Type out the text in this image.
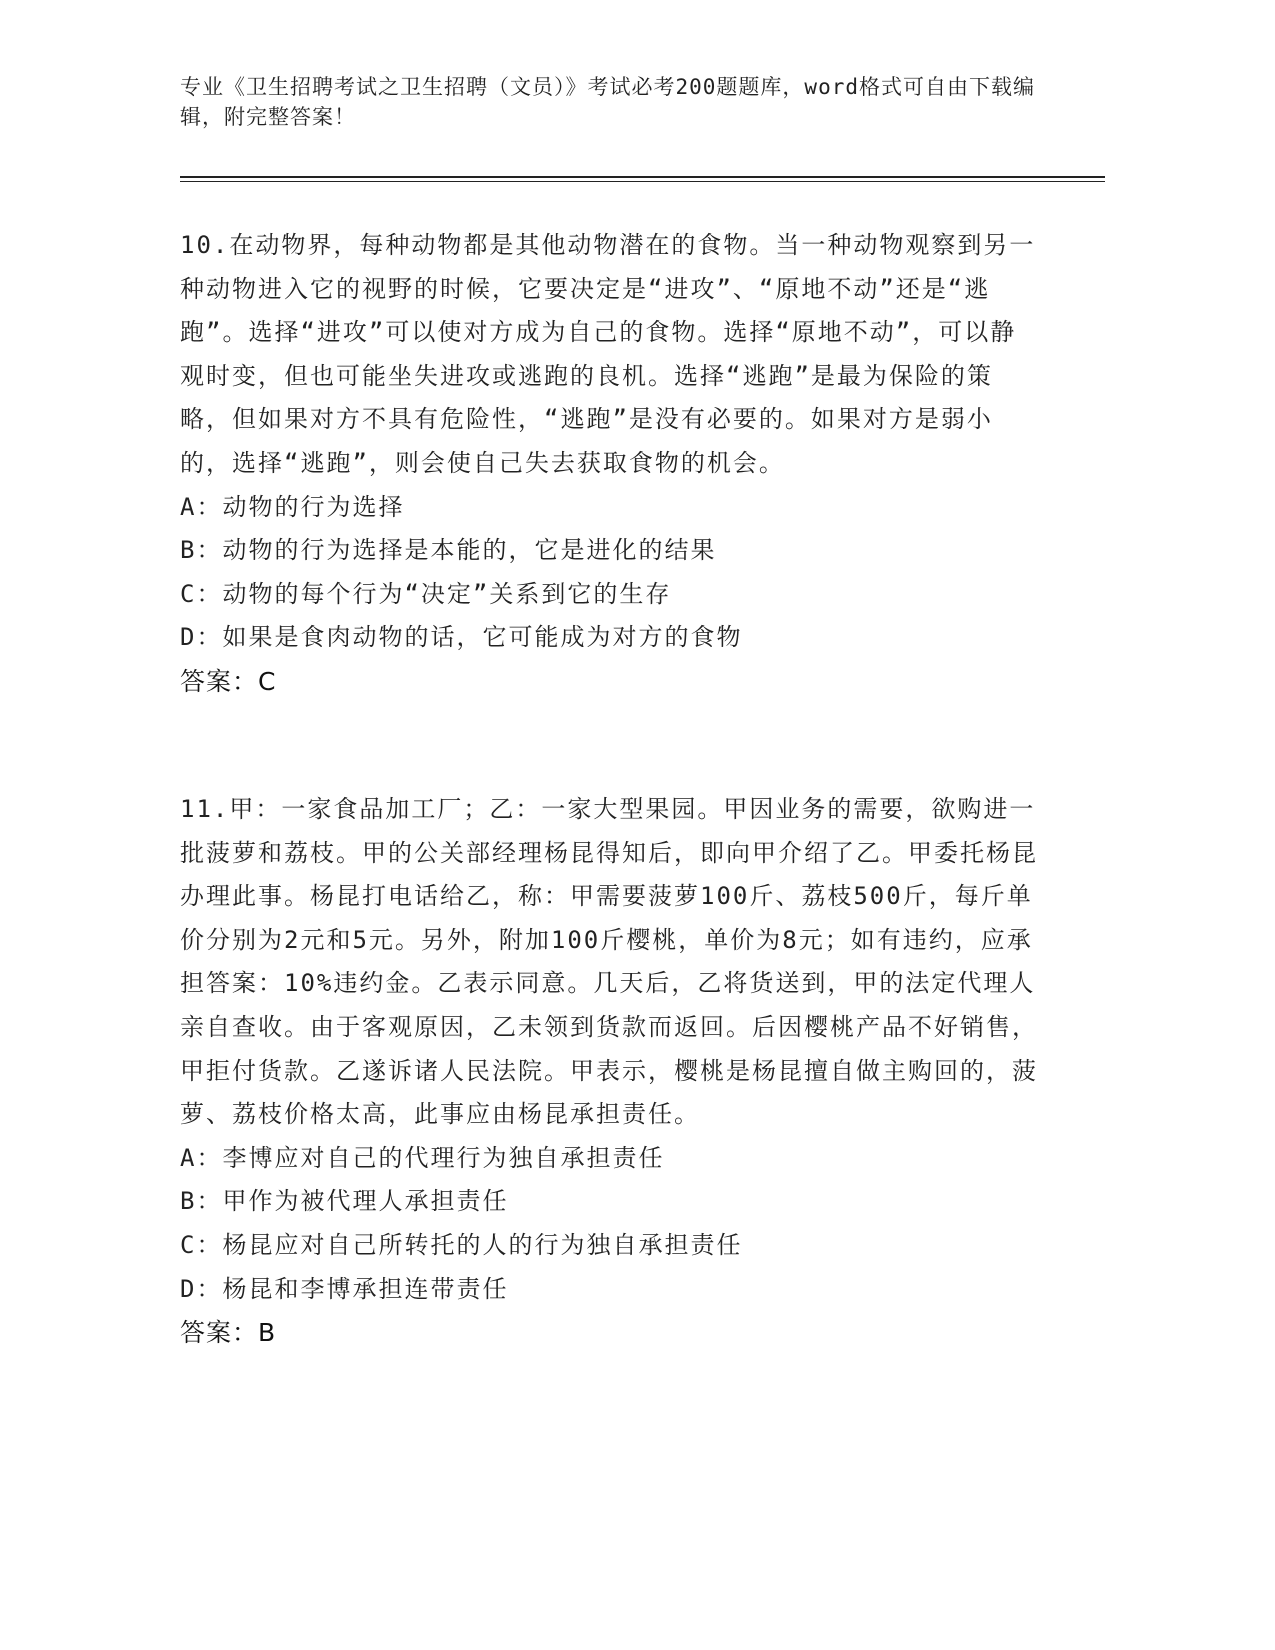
专业《卫生招聘考试之卫生招聘（文员）》考试必考200题题库，word格式可自由下载编辑，附完整答案！

10.在动物界，每种动物都是其他动物潜在的食物。当一种动物观察到另一种动物进入它的视野的时候，它要决定是“进攻”、“原地不动”还是“逃跑”。选择“进攻”可以使对方成为自己的食物。选择“原地不动”，可以静观时变，但也可能坐失进攻或逃跑的良机。选择“逃跑”是最为保险的策略，但如果对方不具有危险性，“逃跑”是没有必要的。如果对方是弱小的，选择“逃跑”，则会使自己失去获取食物的机会。

A：动物的行为选择

B：动物的行为选择是本能的，它是进化的结果

C：动物的每个行为“决定”关系到它的生存

D：如果是食肉动物的话，它可能成为对方的食物

答案：C

11.甲：一家食品加工厂；乙：一家大型果园。甲因业务的需要，欲购进一批菠萝和荔枝。甲的公关部经理杨昆得知后，即向甲介绍了乙。甲委托杨昆办理此事。杨昆打电话给乙，称：甲需要菠萝100斤、荔枝500斤，每斤单价分别为2元和5元。另外，附加100斤樱桃，单价为8元；如有违约，应承担答案：10%违约金。乙表示同意。几天后，乙将货送到，甲的法定代理人亲自查收。由于客观原因，乙未领到货款而返回。后因樱桃产品不好销售，甲拒付货款。乙遂诉诸人民法院。甲表示，樱桃是杨昆擅自做主购回的，菠萝、荔枝价格太高，此事应由杨昆承担责任。

A：李博应对自己的代理行为独自承担责任

B：甲作为被代理人承担责任

C：杨昆应对自己所转托的人的行为独自承担责任

D：杨昆和李博承担连带责任

答案：B
